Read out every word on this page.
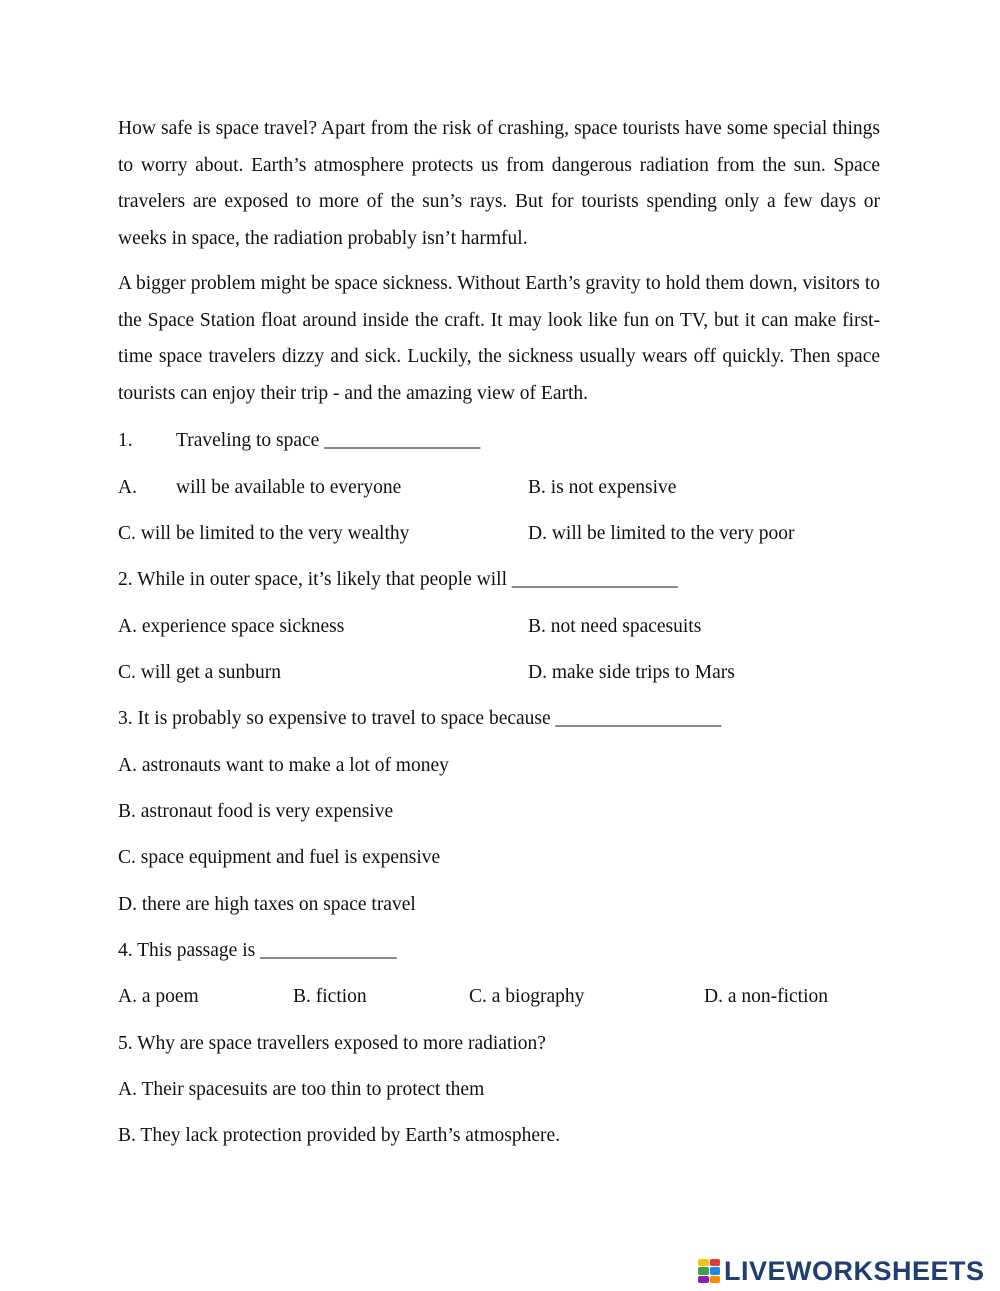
How safe is space travel? Apart from the risk of crashing, space tourists have some special things to worry about. Earth’s atmosphere protects us from dangerous radiation from the sun. Space travelers are exposed to more of the sun’s rays. But for tourists spending only a few days or weeks in space, the radiation probably isn’t harmful.

A bigger problem might be space sickness. Without Earth’s gravity to hold them down, visitors to the Space Station float around inside the craft. It may look like fun on TV, but it can make first-time space travelers dizzy and sick. Luckily, the sickness usually wears off quickly. Then space tourists can enjoy their trip - and the amazing view of Earth.

1. Traveling to space ________________
A. will be available to everyone	B. is not expensive
C. will be limited to the very wealthy	D. will be limited to the very poor
2. While in outer space, it’s likely that people will _________________
A. experience space sickness	B. not need spacesuits
C. will get a sunburn	D. make side trips to Mars
3. It is probably so expensive to travel to space because _________________
A. astronauts want to make a lot of money
B. astronaut food is very expensive
C. space equipment and fuel is expensive
D. there are high taxes on space travel
4. This passage is ______________
A. a poem	B. fiction	C. a biography	D. a non-fiction
5. Why are space travellers exposed to more radiation?
A. Their spacesuits are too thin to protect them
B. They lack protection provided by Earth’s atmosphere.
LIVEWORKSHEETS
